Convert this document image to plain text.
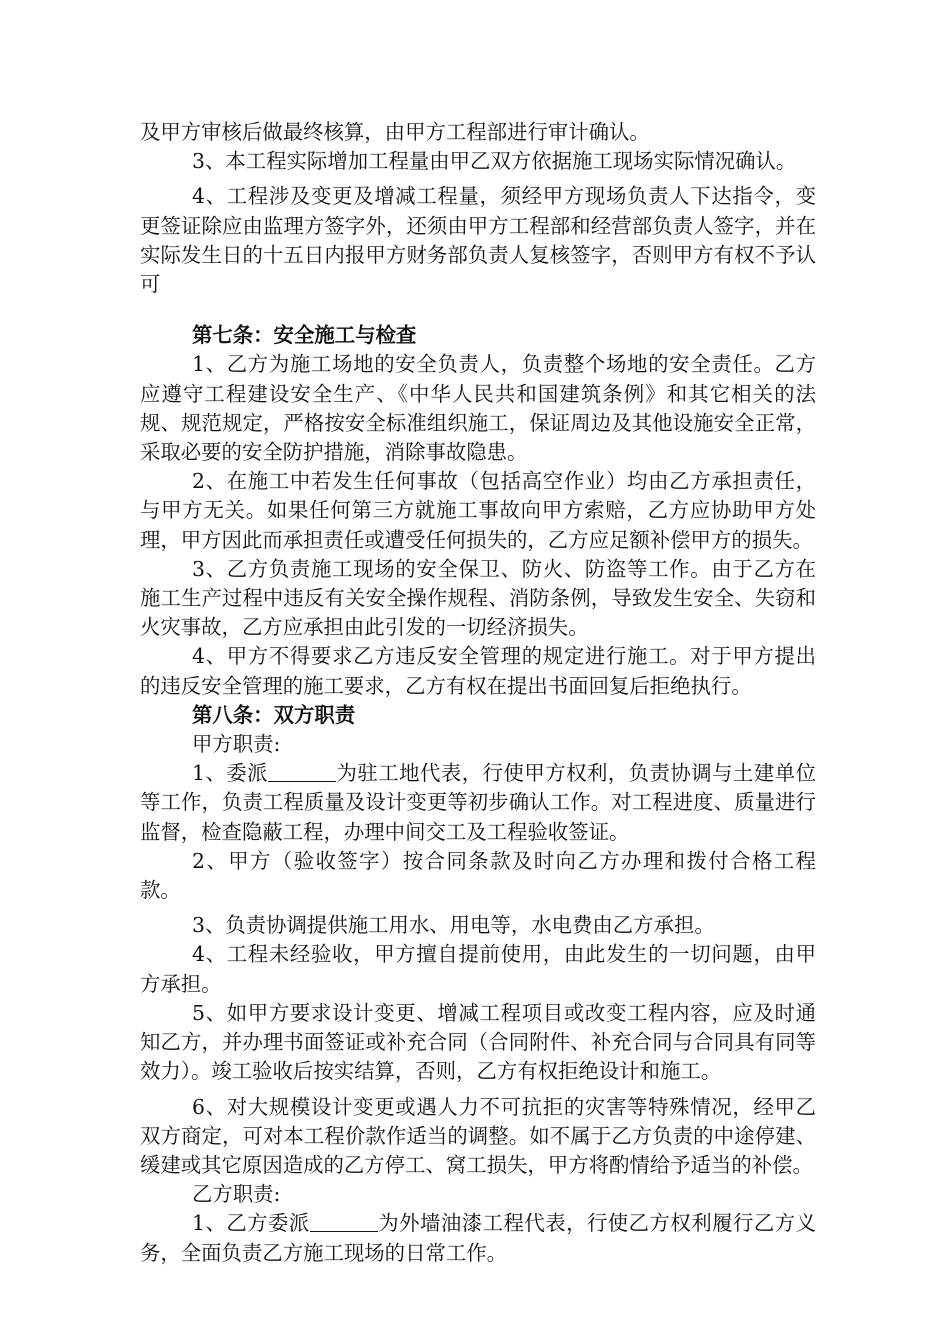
及甲方审核后做最终核算，由甲方工程部进行审计确认。

3、本工程实际增加工程量由甲乙双方依据施工现场实际情况确认。

4、工程涉及变更及增减工程量，须经甲方现场负责人下达指令，变更签证除应由监理方签字外，还须由甲方工程部和经营部负责人签字，并在实际发生日的十五日内报甲方财务部负责人复核签字，否则甲方有权不予认可

第七条：安全施工与检查

1、乙方为施工场地的安全负责人，负责整个场地的安全责任。乙方应遵守工程建设安全生产、《中华人民共和国建筑条例》和其它相关的法规、规范规定，严格按安全标准组织施工，保证周边及其他设施安全正常，采取必要的安全防护措施，消除事故隐患。

2、在施工中若发生任何事故（包括高空作业）均由乙方承担责任，与甲方无关。如果任何第三方就施工事故向甲方索赔，乙方应协助甲方处理，甲方因此而承担责任或遭受任何损失的，乙方应足额补偿甲方的损失。

3、乙方负责施工现场的安全保卫、防火、防盗等工作。由于乙方在施工生产过程中违反有关安全操作规程、消防条例，导致发生安全、失窃和火灾事故，乙方应承担由此引发的一切经济损失。

4、甲方不得要求乙方违反安全管理的规定进行施工。对于甲方提出的违反安全管理的施工要求，乙方有权在提出书面回复后拒绝执行。

第八条：双方职责

甲方职责:

1、委派	为驻工地代表，行使甲方权利，负责协调与土建单位等工作，负责工程质量及设计变更等初步确认工作。对工程进度、质量进行监督，检查隐蔽工程，办理中间交工及工程验收签证。

2、甲方（验收签字）按合同条款及时向乙方办理和拨付合格工程款。

3、负责协调提供施工用水、用电等，水电费由乙方承担。

4、工程未经验收，甲方擅自提前使用，由此发生的一切问题，由甲方承担。

5、如甲方要求设计变更、增减工程项目或改变工程内容，应及时通知乙方，并办理书面签证或补充合同（合同附件、补充合同与合同具有同等效力）。竣工验收后按实结算，否则，乙方有权拒绝设计和施工。

6、对大规模设计变更或遇人力不可抗拒的灾害等特殊情况，经甲乙双方商定，可对本工程价款作适当的调整。如不属于乙方负责的中途停建、缓建或其它原因造成的乙方停工、窝工损失，甲方将酌情给予适当的补偿。

乙方职责:

1、乙方委派	为外墙油漆工程代表，行使乙方权利履行乙方义务，全面负责乙方施工现场的日常工作。
